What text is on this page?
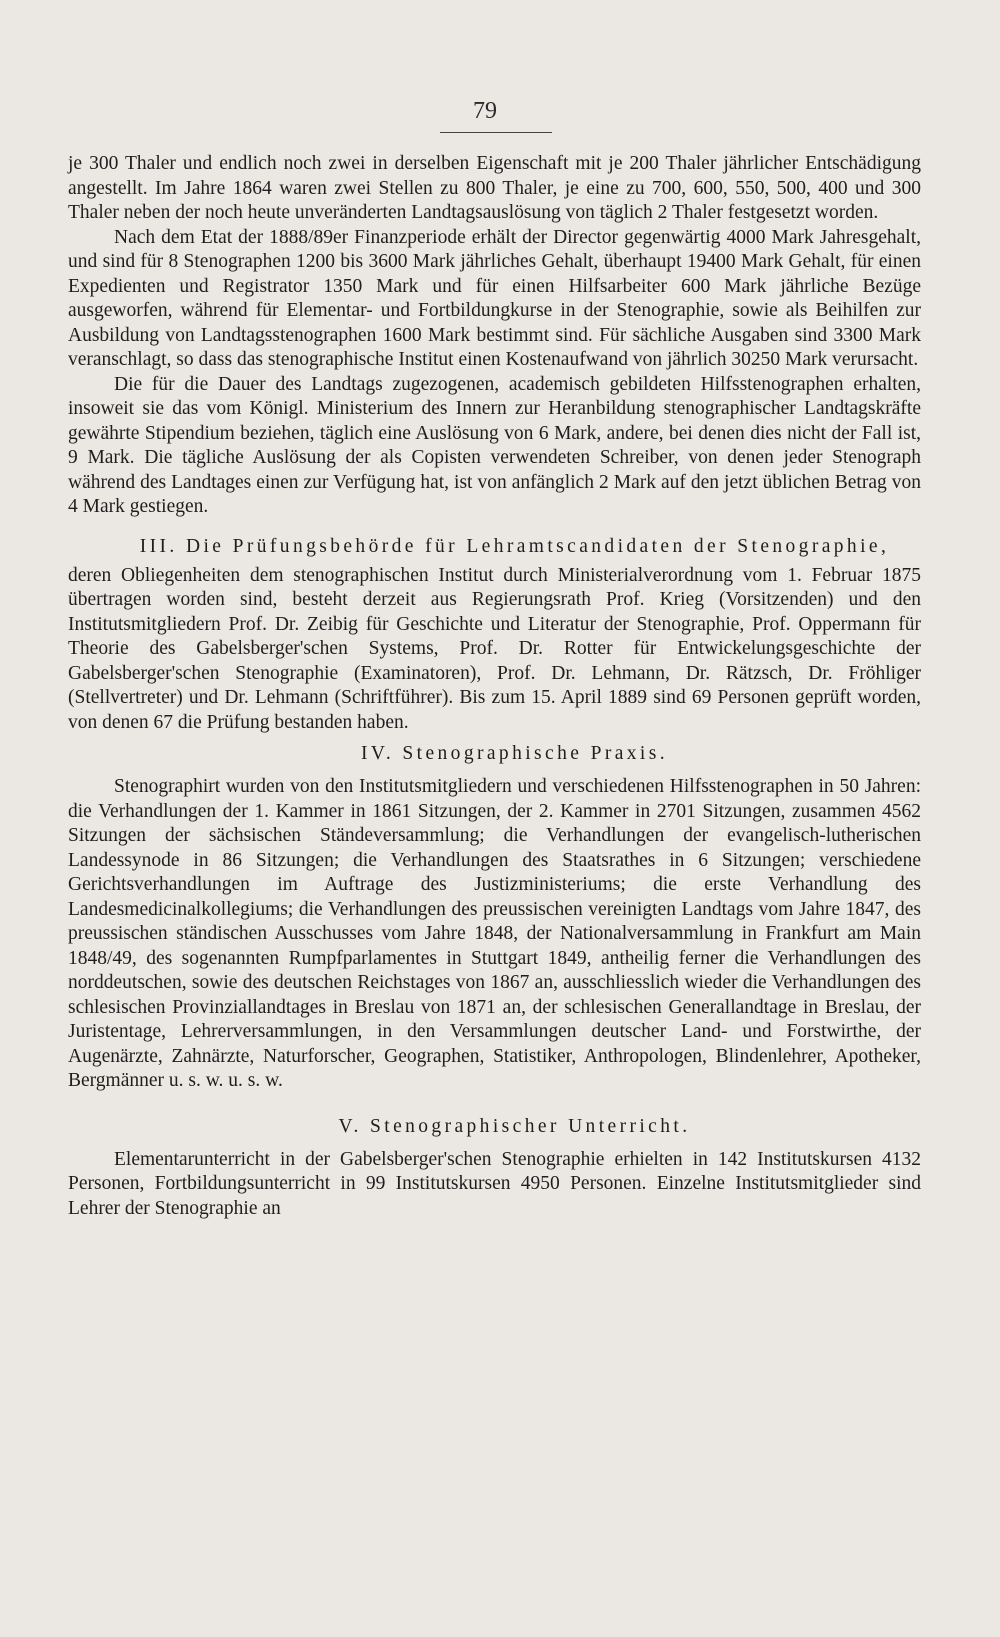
79

je 300 Thaler und endlich noch zwei in derselben Eigenschaft mit je 200 Thaler jährlicher Entschädigung angestellt. Im Jahre 1864 waren zwei Stellen zu 800 Thaler, je eine zu 700, 600, 550, 500, 400 und 300 Thaler neben der noch heute unveränderten Landtagsauslösung von täglich 2 Thaler festgesetzt worden.

Nach dem Etat der 1888/89er Finanzperiode erhält der Director gegenwärtig 4000 Mark Jahresgehalt, und sind für 8 Stenographen 1200 bis 3600 Mark jährliches Gehalt, überhaupt 19400 Mark Gehalt, für einen Expedienten und Registrator 1350 Mark und für einen Hilfsarbeiter 600 Mark jährliche Bezüge ausgeworfen, während für Elementar- und Fortbildungkurse in der Stenographie, sowie als Beihilfen zur Ausbildung von Landtagsstenographen 1600 Mark bestimmt sind. Für sächliche Ausgaben sind 3300 Mark veranschlagt, so dass das stenographische Institut einen Kostenaufwand von jährlich 30250 Mark verursacht.

Die für die Dauer des Landtags zugezogenen, academisch gebildeten Hilfsstenographen erhalten, insoweit sie das vom Königl. Ministerium des Innern zur Heranbildung stenographischer Landtagskräfte gewährte Stipendium beziehen, täglich eine Auslösung von 6 Mark, andere, bei denen dies nicht der Fall ist, 9 Mark. Die tägliche Auslösung der als Copisten verwendeten Schreiber, von denen jeder Stenograph während des Landtages einen zur Verfügung hat, ist von anfänglich 2 Mark auf den jetzt üblichen Betrag von 4 Mark gestiegen.

III. Die Prüfungsbehörde für Lehramtscandidaten der Stenographie,

deren Obliegenheiten dem stenographischen Institut durch Ministerialverordnung vom 1. Februar 1875 übertragen worden sind, besteht derzeit aus Regierungsrath Prof. Krieg (Vorsitzenden) und den Institutsmitgliedern Prof. Dr. Zeibig für Geschichte und Literatur der Stenographie, Prof. Oppermann für Theorie des Gabelsberger'schen Systems, Prof. Dr. Rotter für Entwickelungsgeschichte der Gabelsberger'schen Stenographie (Examinatoren), Prof. Dr. Lehmann, Dr. Rätzsch, Dr. Fröhliger (Stellvertreter) und Dr. Lehmann (Schriftführer). Bis zum 15. April 1889 sind 69 Personen geprüft worden, von denen 67 die Prüfung bestanden haben.

IV. Stenographische Praxis.

Stenographirt wurden von den Institutsmitgliedern und verschiedenen Hilfsstenographen in 50 Jahren: die Verhandlungen der 1. Kammer in 1861 Sitzungen, der 2. Kammer in 2701 Sitzungen, zusammen 4562 Sitzungen der sächsischen Ständeversammlung; die Verhandlungen der evangelisch-lutherischen Landessynode in 86 Sitzungen; die Verhandlungen des Staatsrathes in 6 Sitzungen; verschiedene Gerichtsverhandlungen im Auftrage des Justizministeriums; die erste Verhandlung des Landesmedicinalkollegiums; die Verhandlungen des preussischen vereinigten Landtags vom Jahre 1847, des preussischen ständischen Ausschusses vom Jahre 1848, der Nationalversammlung in Frankfurt am Main 1848/49, des sogenannten Rumpfparlamentes in Stuttgart 1849, antheilig ferner die Verhandlungen des norddeutschen, sowie des deutschen Reichstages von 1867 an, ausschliesslich wieder die Verhandlungen des schlesischen Provinziallandtages in Breslau von 1871 an, der schlesischen Generallandtage in Breslau, der Juristentage, Lehrerversammlungen, in den Versammlungen deutscher Land- und Forstwirthe, der Augenärzte, Zahnärzte, Naturforscher, Geographen, Statistiker, Anthropologen, Blindenlehrer, Apotheker, Bergmänner u. s. w. u. s. w.

V. Stenographischer Unterricht.

Elementarunterricht in der Gabelsberger'schen Stenographie erhielten in 142 Institutskursen 4132 Personen, Fortbildungsunterricht in 99 Institutskursen 4950 Personen. Einzelne Institutsmitglieder sind Lehrer der Stenographie an
